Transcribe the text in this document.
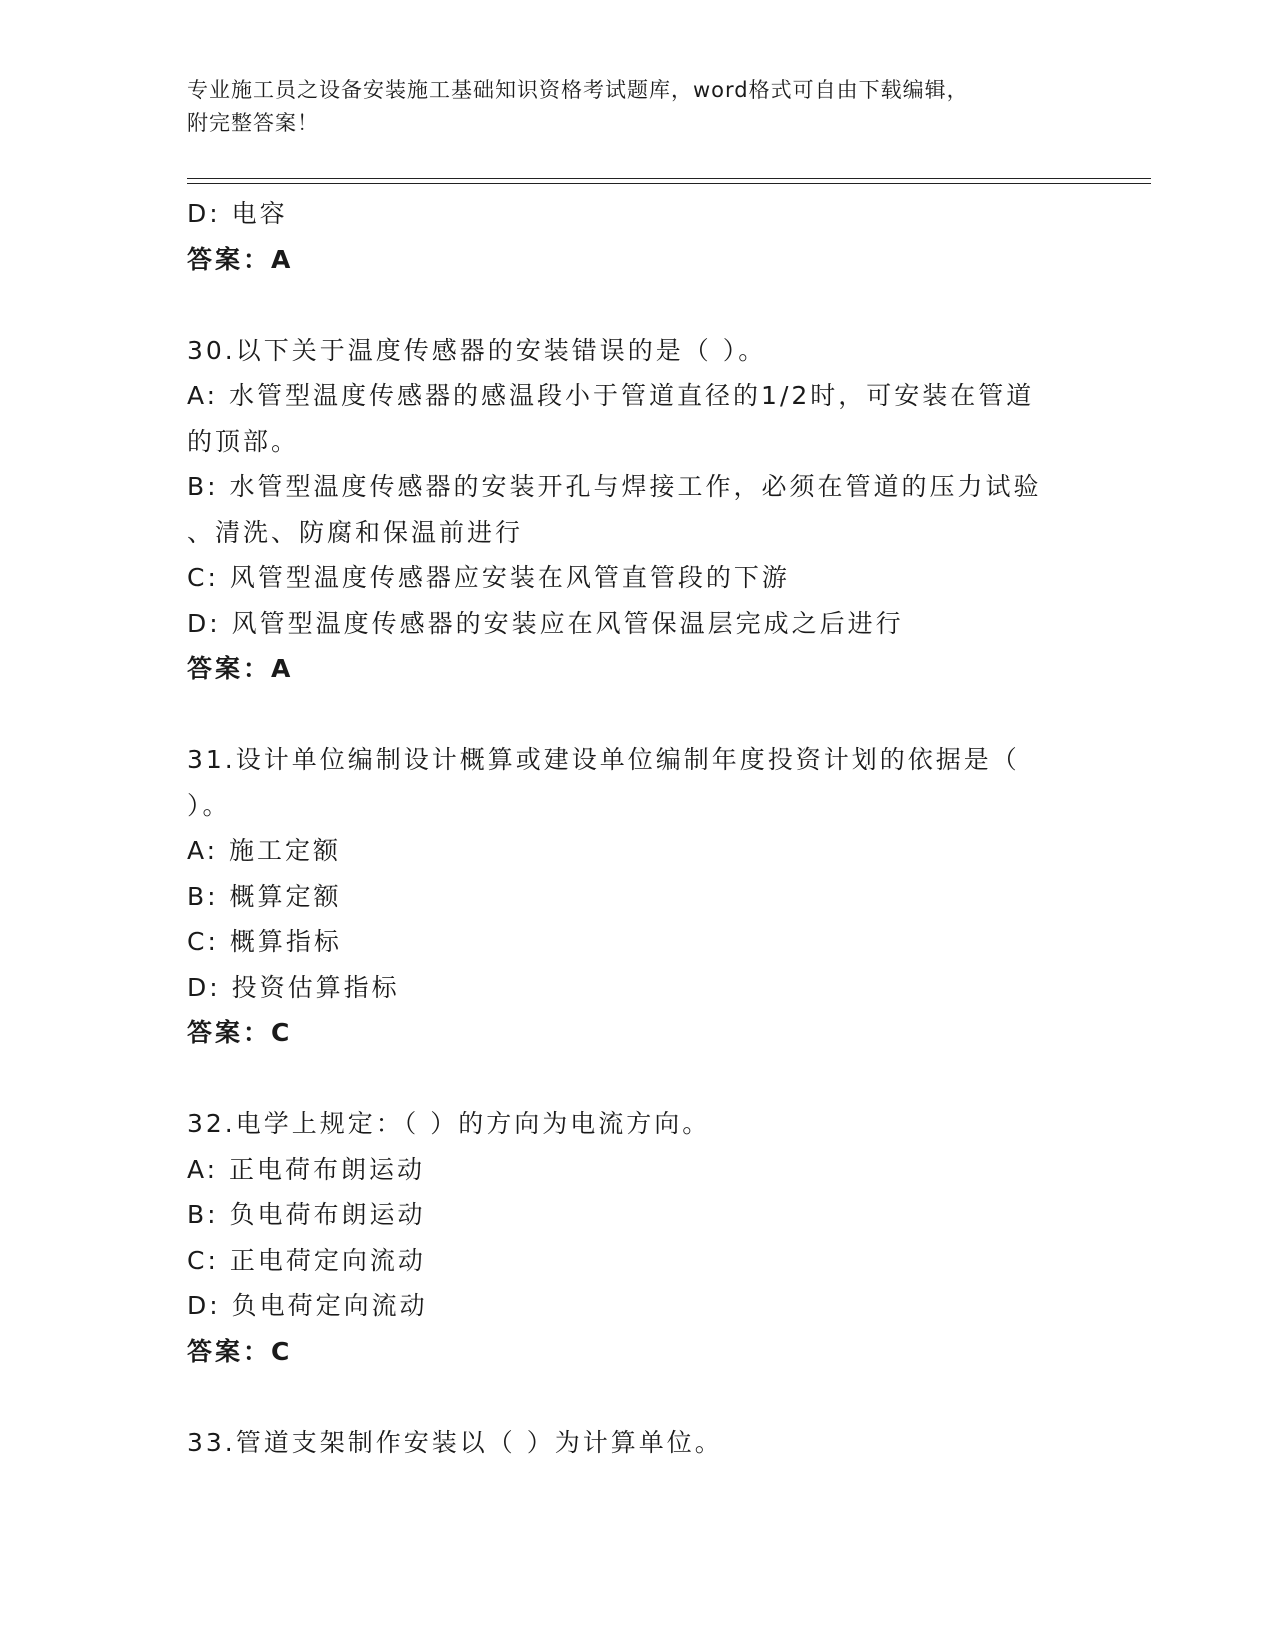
专业施工员之设备安装施工基础知识资格考试题库，word格式可自由下载编辑，
附完整答案！
D: 电容
答案：A
30.以下关于温度传感器的安装错误的是（ ）。
A: 水管型温度传感器的感温段小于管道直径的1/2时，可安装在管道
的顶部。
B: 水管型温度传感器的安装开孔与焊接工作，必须在管道的压力试验
、清洗、防腐和保温前进行
C: 风管型温度传感器应安装在风管直管段的下游
D: 风管型温度传感器的安装应在风管保温层完成之后进行
答案：A
31.设计单位编制设计概算或建设单位编制年度投资计划的依据是（
）。
A: 施工定额
B: 概算定额
C: 概算指标
D: 投资估算指标
答案：C
32.电学上规定：（ ）的方向为电流方向。
A: 正电荷布朗运动
B: 负电荷布朗运动
C: 正电荷定向流动
D: 负电荷定向流动
答案：C
33.管道支架制作安装以（ ）为计算单位。
